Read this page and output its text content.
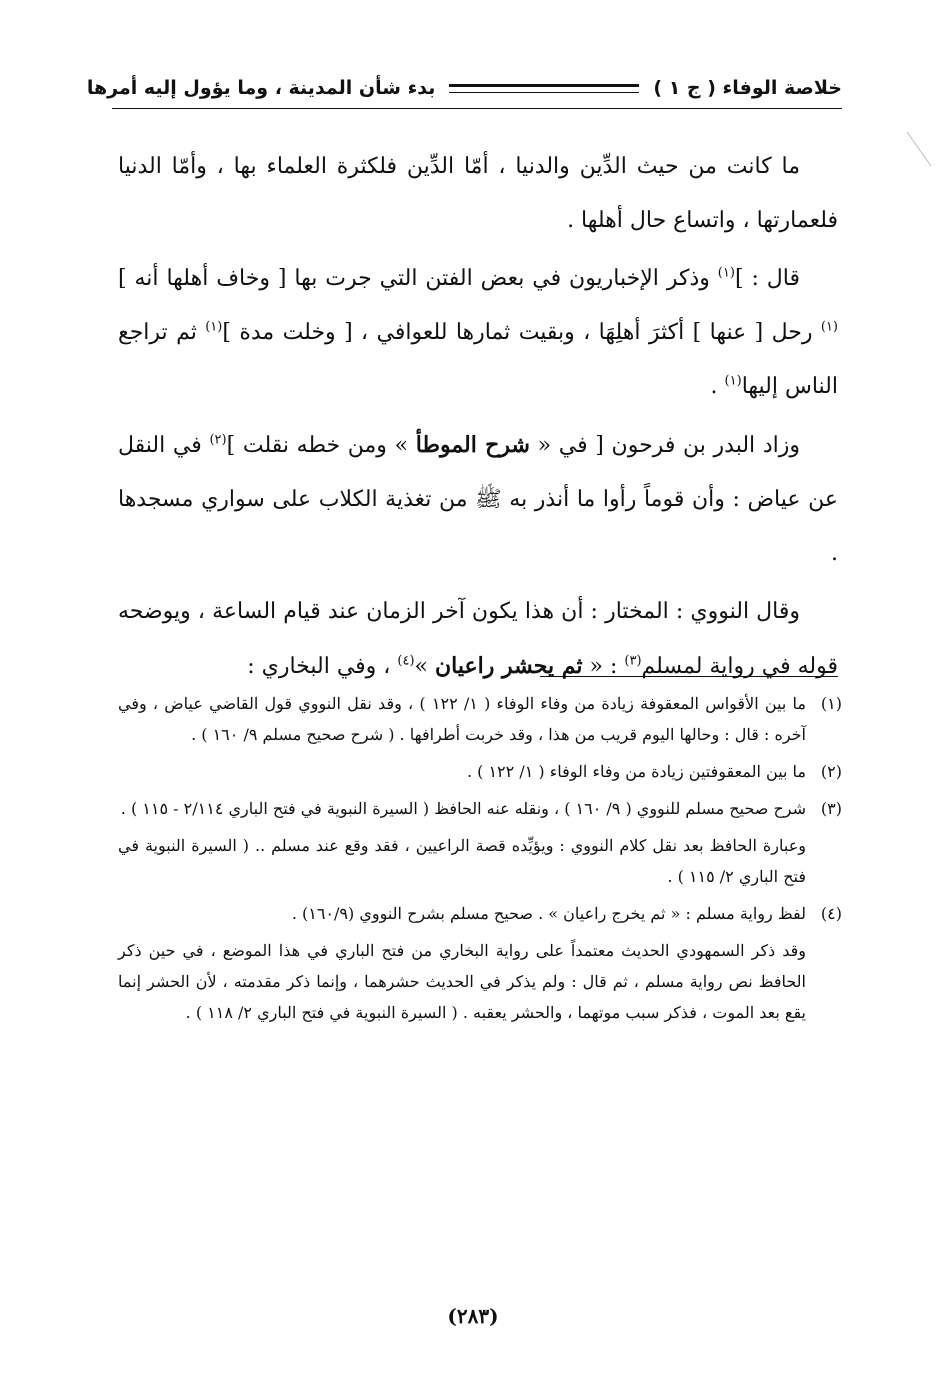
خلاصة الوفاء ( ج ١ )
بدء شأن المدينة ، وما يؤول إليه أمرها

ما كانت من حيث الدِّين والدنيا ، أمّا الدِّين فلكثرة العلماء بها ، وأمّا الدنيا فلعمارتها ، واتساع حال أهلها .

قال : ]$^{(١)}$ وذكر الإخباريون في بعض الفتن التي جرت بها [ وخاف أهلها أنه ]$^{(١)}$ رحل [ عنها ] أكثرَ أهلِهَا ، وبقيت ثمارها للعوافي ، [ وخلت مدة ]$^{(١)}$ ثم تراجع الناس إليها$^{(١)}$ .

وزاد البدر بن فرحون [ في « شرح الموطأ » ومن خطه نقلت ]$^{(٢)}$ في النقل عن عياض : وأن قوماً رأوا ما أنذر به ﷺ من تغذية الكلاب على سواري مسجدها .

وقال النووي : المختار : أن هذا يكون آخر الزمان عند قيام الساعة ، ويوضحه قوله في رواية لمسلم$^{(٣)}$ : « ثم يحشر راعيان »$^{(٤)}$ ، وفي البخاري :

(١)
ما بين الأقواس المعقوفة زيادة من وفاء الوفاء ( ١/ ١٢٢ ) ، وقد نقل النووي قول القاضي عياض ، وفي آخره : قال : وحالها اليوم قريب من هذا ، وقد خربت أطرافها . ( شرح صحيح مسلم ٩/ ١٦٠ ) .
(٢)
ما بين المعقوفتين زيادة من وفاء الوفاء ( ١/ ١٢٢ ) .
(٣)
شرح صحيح مسلم للنووي ( ٩/ ١٦٠ ) ، ونقله عنه الحافظ ( السيرة النبوية في فتح الباري ٢/١١٤ - ١١٥ ) .
وعبارة الحافظ بعد نقل كلام النووي : ويؤيِّده قصة الراعيين ، فقد وقع عند مسلم .. ( السيرة النبوية في فتح الباري ٢/ ١١٥ ) .
(٤)
لفظ رواية مسلم : « ثم يخرج راعيان » . صحيح مسلم بشرح النووي (١٦٠/٩) .
وقد ذكر السمهودي الحديث معتمداً على رواية البخاري من فتح الباري في هذا الموضع ، في حين ذكر الحافظ نص رواية مسلم ، ثم قال : ولم يذكر في الحديث حشرهما ، وإنما ذكر مقدمته ، لأن الحشر إنما يقع بعد الموت ، فذكر سبب موتهما ، والحشر يعقبه . ( السيرة النبوية في فتح الباري ٢/ ١١٨ ) .
(٢٨٣)
